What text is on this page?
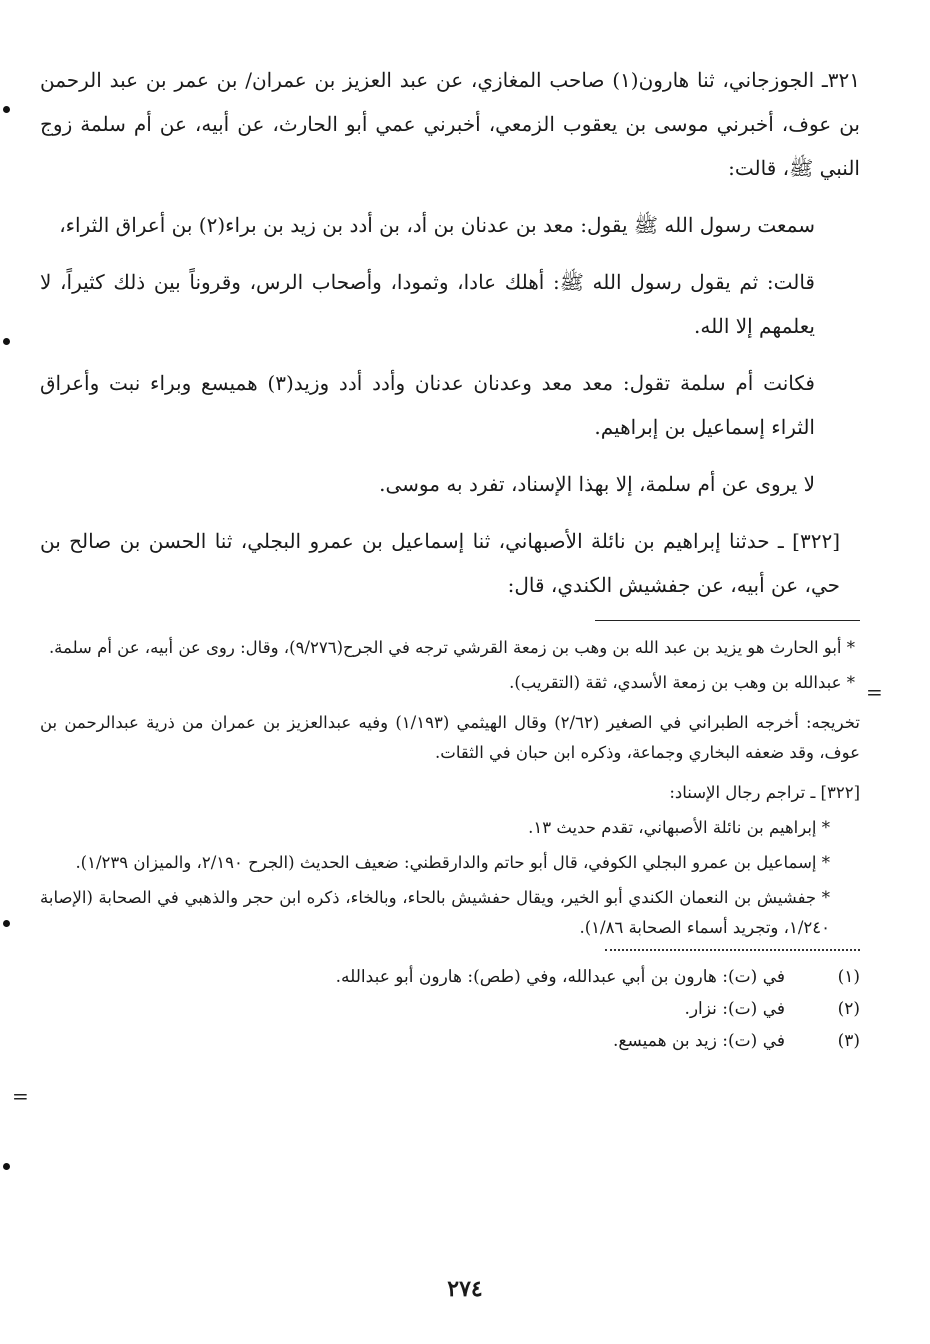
٣٢١ـ الجوزجاني، ثنا هارون(١) صاحب المغازي، عن عبد العزيز بن عمران/ بن عمر بن عبد الرحمن بن عوف، أخبرني موسى بن يعقوب الزمعي، أخبرني عمي أبو الحارث، عن أبيه، عن أم سلمة زوج النبي ﷺ، قالت:

سمعت رسول الله ﷺ يقول: معد بن عدنان بن أد، بن أدد بن زيد بن براء(٢) بن أعراق الثراء،

قالت: ثم يقول رسول الله ﷺ: أهلك عادا، وثمودا، وأصحاب الرس، وقروناً بين ذلك كثيراً، لا يعلمهم إلا الله.

فكانت أم سلمة تقول: معد معد وعدنان عدنان وأدد أدد وزيد(٣) هميسع وبراء نبت وأعراق الثراء إسماعيل بن إبراهيم.

لا يروى عن أم سلمة، إلا بهذا الإسناد، تفرد به موسى.

[٣٢٢] ـ حدثنا إبراهيم بن نائلة الأصبهاني، ثنا إسماعيل بن عمرو البجلي، ثنا الحسن بن صالح بن حي، عن أبيه، عن جفشيش الكندي، قال:

* أبو الحارث هو يزيد بن عبد الله بن وهب بن زمعة القرشي ترجه في الجرح(٩/٢٧٦)، وقال: روى عن أبيه، عن أم سلمة.

* عبدالله بن وهب بن زمعة الأسدي، ثقة (التقريب).

تخريجه: أخرجه الطبراني في الصغير (٢/٦٢) وقال الهيثمي (١/١٩٣) وفيه عبدالعزيز بن عمران من ذرية عبدالرحمن بن عوف، وقد ضعفه البخاري وجماعة، وذكره ابن حبان في الثقات.

[٣٢٢] ـ تراجم رجال الإسناد:

* إبراهيم بن نائلة الأصبهاني، تقدم حديث ١٣.

* إسماعيل بن عمرو البجلي الكوفي، قال أبو حاتم والدارقطني: ضعيف الحديث (الجرح ٢/١٩٠، والميزان ١/٢٣٩).

* جفشيش بن النعمان الكندي أبو الخير، ويقال حفشيش بالحاء، وبالخاء، ذكره ابن حجر والذهبي في الصحابة (الإصابة ١/٢٤٠، وتجريد أسماء الصحابة ١/٨٦).

(١)
في (ت): هارون بن أبي عبدالله، وفي (طص): هارون أبو عبدالله.
(٢)
في (ت): نزار.
(٣)
في (ت): زيد بن هميسع.
=
=
٢٧٤
